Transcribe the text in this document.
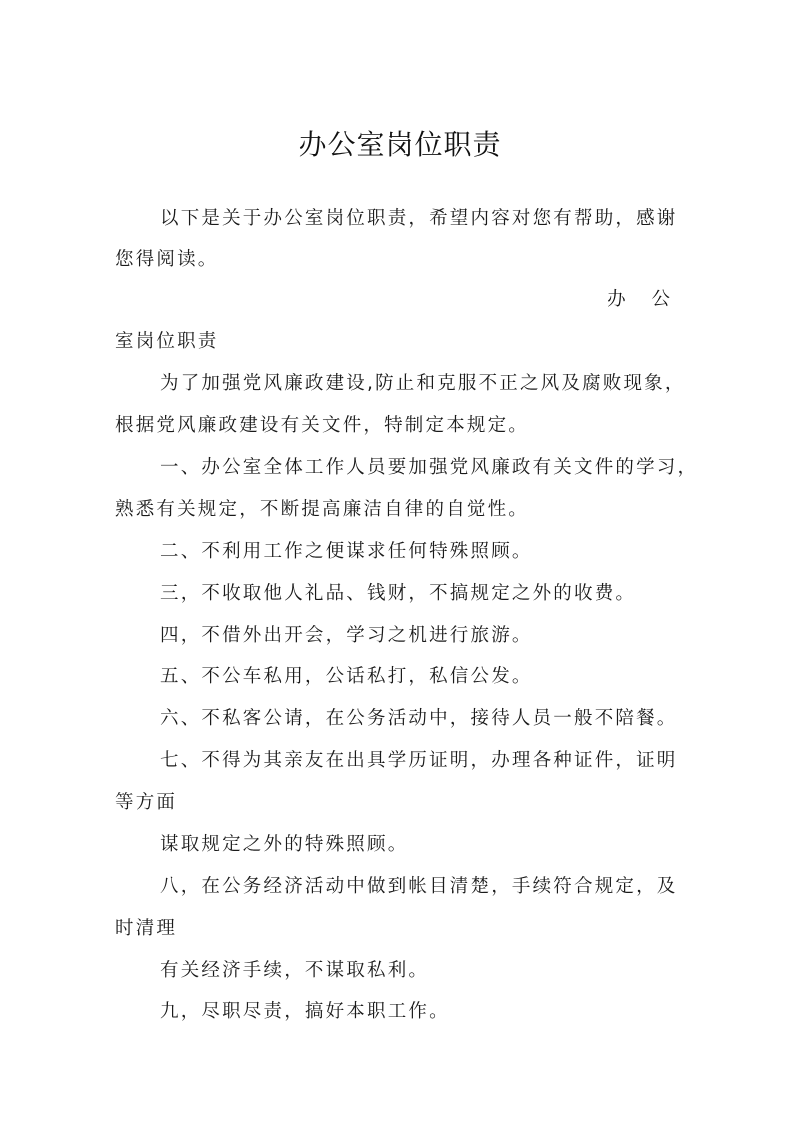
办公室岗位职责
以下是关于办公室岗位职责，希望内容对您有帮助，感谢
您得阅读。
办 公
室岗位职责
为了加强党风廉政建设,防止和克服不正之风及腐败现象，
根据党风廉政建设有关文件，特制定本规定。
一、办公室全体工作人员要加强党风廉政有关文件的学习，
熟悉有关规定，不断提高廉洁自律的自觉性。
二、不利用工作之便谋求任何特殊照顾。
三，不收取他人礼品、钱财，不搞规定之外的收费。
四，不借外出开会，学习之机进行旅游。
五、不公车私用，公话私打，私信公发。
六、不私客公请，在公务活动中，接待人员一般不陪餐。
七、不得为其亲友在出具学历证明，办理各种证件，证明
等方面
谋取规定之外的特殊照顾。
八，在公务经济活动中做到帐目清楚，手续符合规定，及
时清理
有关经济手续，不谋取私利。
九，尽职尽责，搞好本职工作。
